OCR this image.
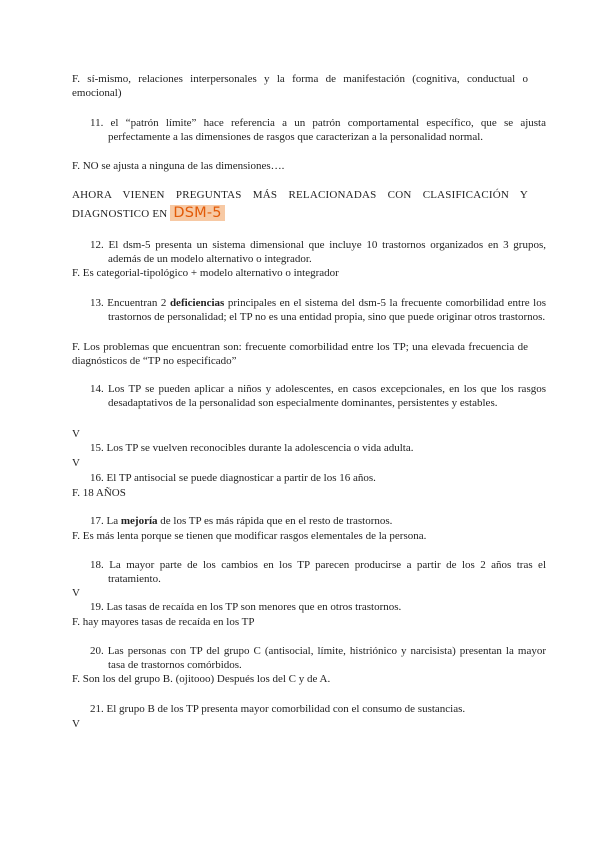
F. sí-mismo, relaciones interpersonales y la forma de manifestación (cognitiva, conductual o emocional)

11. el “patrón límite” hace referencia a un patrón comportamental específico, que se ajusta perfectamente a las dimensiones de rasgos que caracterizan a la personalidad normal.

F. NO se ajusta a ninguna de las dimensiones….

AHORA VIENEN PREGUNTAS MÁS RELACIONADAS CON CLASIFICACIÓN Y DIAGNOSTICO EN DSM-5

12. El dsm-5 presenta un sistema dimensional que incluye 10 trastornos organizados en 3 grupos, además de un modelo alternativo o integrador.

F. Es categorial-tipológico + modelo alternativo o integrador

13. Encuentran 2 deficiencias principales en el sistema del dsm-5 la frecuente comorbilidad entre los trastornos de personalidad; el TP no es una entidad propia, sino que puede originar otros trastornos.

F. Los problemas que encuentran son: frecuente comorbilidad entre los TP; una elevada frecuencia de diagnósticos de “TP no especificado”

14. Los TP se pueden aplicar a niños y adolescentes, en casos excepcionales, en los que los rasgos desadaptativos de la personalidad son especialmente dominantes, persistentes y estables.

V

15. Los TP se vuelven reconocibles durante la adolescencia o vida adulta.

V

16. El TP antisocial se puede diagnosticar a partir de los 16 años.

F. 18 AÑOS

17. La mejoría de los TP es más rápida que en el resto de trastornos.

F. Es más lenta porque se tienen que modificar rasgos elementales de la persona.

18. La mayor parte de los cambios en los TP parecen producirse a partir de los 2 años tras el tratamiento.

V

19. Las tasas de recaída en los TP son menores que en otros trastornos.

F. hay mayores tasas de recaída en los TP

20. Las personas con TP del grupo C (antisocial, límite, histriónico y narcisista) presentan la mayor tasa de trastornos comórbidos.

F. Son los del grupo B. (ojitooo) Después los del C y de A.

21. El grupo B de los TP presenta mayor comorbilidad con el consumo de sustancias.

V
